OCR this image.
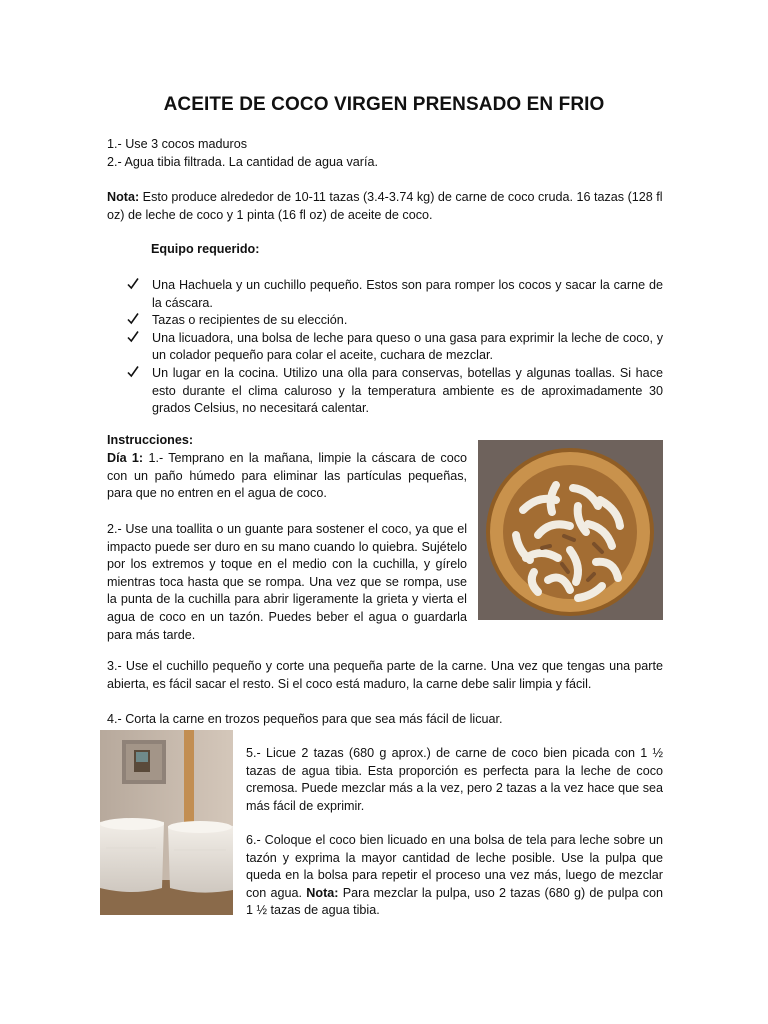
ACEITE DE COCO VIRGEN PRENSADO EN FRIO

1.- Use 3 cocos maduros
2.- Agua tibia filtrada. La cantidad de agua varía.

Nota: Esto produce alrededor de 10-11 tazas (3.4-3.74 kg) de carne de coco cruda. 16 tazas (128 fl oz) de leche de coco y 1 pinta (16 fl oz) de aceite de coco.

Equipo requerido:

Una Hachuela y un cuchillo pequeño. Estos son para romper los cocos y sacar la carne de la cáscara.
Tazas o recipientes de su elección.
Una licuadora, una bolsa de leche para queso o una gasa para exprimir la leche de coco, y un colador pequeño para colar el aceite, cuchara de mezclar.
Un lugar en la cocina. Utilizo una olla para conservas, botellas y algunas toallas. Si hace esto durante el clima caluroso y la temperatura ambiente es de aproximadamente 30 grados Celsius, no necesitará calentar.

Instrucciones:

Día 1: 1.- Temprano en la mañana, limpie la cáscara de coco con un paño húmedo para eliminar las partículas pequeñas, para que no entren en el agua de coco.

2.- Use una toallita o un guante para sostener el coco, ya que el impacto puede ser duro en su mano cuando lo quiebra. Sujételo por los extremos y toque en el medio con la cuchilla, y gírelo mientras toca hasta que se rompa. Una vez que se rompa, use la punta de la cuchilla para abrir ligeramente la grieta y vierta el agua de coco en un tazón. Puedes beber el agua o guardarla para más tarde.

3.- Use el cuchillo pequeño y corte una pequeña parte de la carne. Una vez que tengas una parte abierta, es fácil sacar el resto. Si el coco está maduro, la carne debe salir limpia y fácil.

4.- Corta la carne en trozos pequeños para que sea más fácil de licuar.

5.- Licue 2 tazas (680 g aprox.) de carne de coco bien picada con 1 ½ tazas de agua tibia. Esta proporción es perfecta para la leche de coco cremosa. Puede mezclar más a la vez, pero 2 tazas a la vez hace que sea más fácil de exprimir.

6.- Coloque el coco bien licuado en una bolsa de tela para leche sobre un tazón y exprima la mayor cantidad de leche posible. Use la pulpa que queda en la bolsa para repetir el proceso una vez más, luego de mezclar con agua. Nota: Para mezclar la pulpa, uso 2 tazas (680 g) de pulpa con 1 ½ tazas de agua tibia.
